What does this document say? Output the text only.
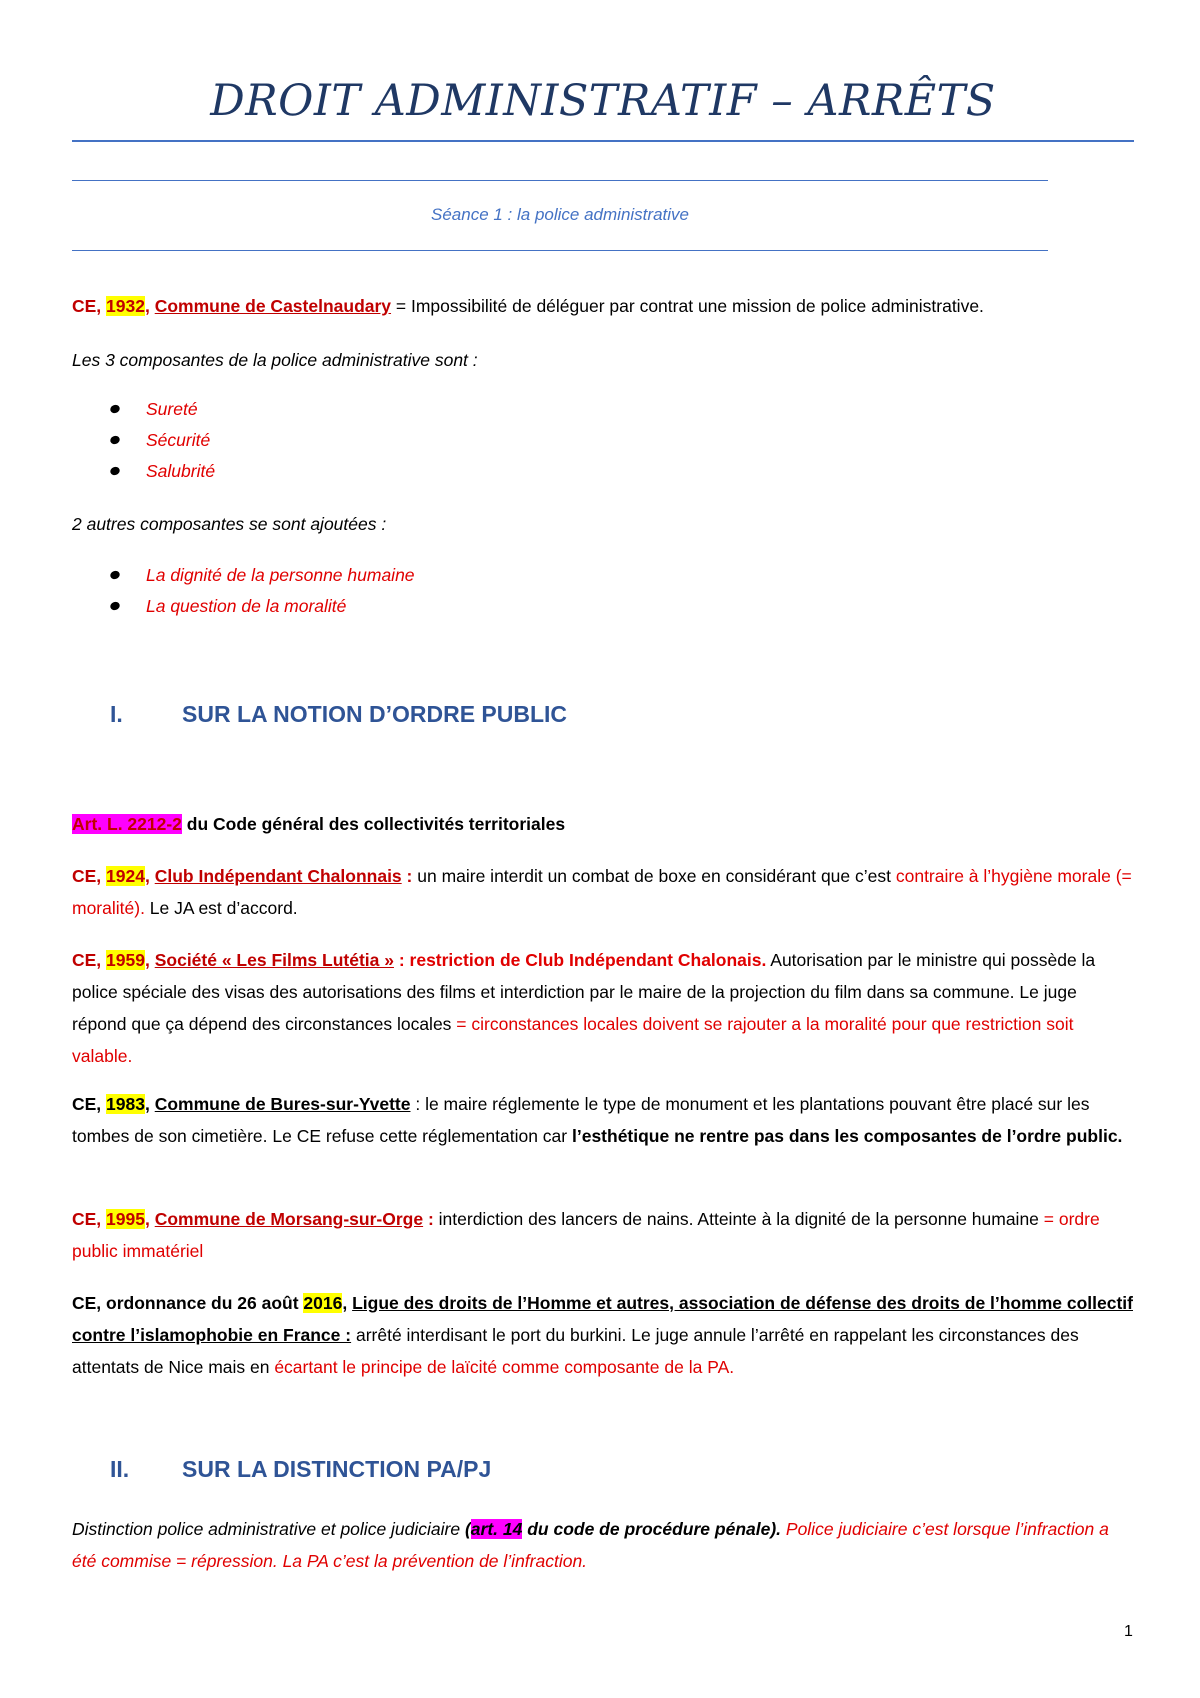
DROIT ADMINISTRATIF – ARRÊTS
Séance 1 : la police administrative

CE, 1932, Commune de Castelnaudary = Impossibilité de déléguer par contrat une mission de police administrative.

Les 3 composantes de la police administrative sont :

Sureté
Sécurité
Salubrité

2 autres composantes se sont ajoutées :

La dignité de la personne humaine
La question de la moralité
I.	SUR LA NOTION D’ORDRE PUBLIC

Art. L. 2212-2 du Code général des collectivités territoriales

CE, 1924, Club Indépendant Chalonnais : un maire interdit un combat de boxe en considérant que c’est contraire à l’hygiène morale (= moralité). Le JA est d’accord.

CE, 1959, Société « Les Films Lutétia » : restriction de Club Indépendant Chalonais. Autorisation par le ministre qui possède la police spéciale des visas des autorisations des films et interdiction par le maire de la projection du film dans sa commune. Le juge répond que ça dépend des circonstances locales = circonstances locales doivent se rajouter a la moralité pour que restriction soit valable.

CE, 1983, Commune de Bures-sur-Yvette : le maire réglemente le type de monument et les plantations pouvant être placé sur les tombes de son cimetière. Le CE refuse cette réglementation car l’esthétique ne rentre pas dans les composantes de l’ordre public.

CE, 1995, Commune de Morsang-sur-Orge : interdiction des lancers de nains. Atteinte à la dignité de la personne humaine = ordre public immatériel

CE, ordonnance du 26 août 2016, Ligue des droits de l’Homme et autres, association de défense des droits de l’homme collectif contre l’islamophobie en France : arrêté interdisant le port du burkini. Le juge annule l’arrêté en rappelant les circonstances des attentats de Nice mais en écartant le principe de laïcité comme composante de la PA.

II. SUR LA DISTINCTION PA/PJ

Distinction police administrative et police judiciaire (art. 14 du code de procédure pénale). Police judiciaire c’est lorsque l’infraction a été commise = répression. La PA c’est la prévention de l’infraction.

1
